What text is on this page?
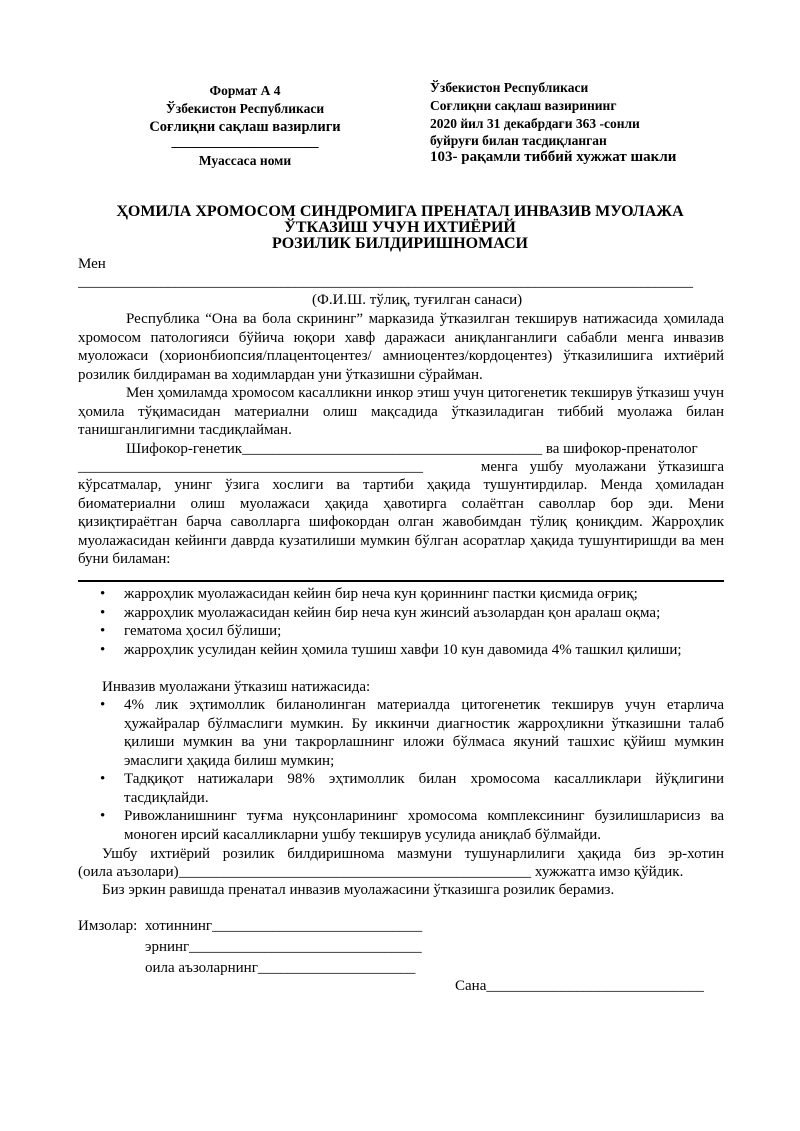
Формат А 4
Ўзбекистон Республикаси
Соғлиқни сақлаш вазирлиги
_____________________
Муассаса номи
Ўзбекистон Республикаси
Соғлиқни сақлаш вазирининг
2020 йил 31 декабрдаги 363 -сонли
буйруғи билан тасдиқланган
103- рақамли тиббий хужжат шакли
ҲОМИЛА ХРОМОСОМ СИНДРОМИГА ПРЕНАТАЛ ИНВАЗИВ МУОЛАЖА
ЎТКАЗИШ УЧУН ИХТИЁРИЙ
РОЗИЛИК БИЛДИРИШНОМАСИ
Мен
__________________________________________________________________________________
(Ф.И.Ш. тўлиқ, туғилган санаси)

Республика “Она ва бола скрининг” марказида ўтказилган текширув натижасида ҳомилада хромосом патологияси бўйича юқори хавф даражаси аниқланганлиги сабабли менга инвазив муоложаси (хорионбиопсия/плацентоцентез/ амниоцентез/кордоцентез) ўтказилишига ихтиёрий розилик билдираман ва ходимлардан уни ўтказишни сўрайман.

Мен ҳомиламда хромосом касалликни инкор этиш учун цитогенетик текширув ўтказиш учун ҳомила тўқимасидан материални олиш мақсадида ўтказиладиган тиббий муолажа билан танишганлигимни тасдиқлайман.

Шифокор-генетик________________________________________ ва шифокор-пренатолог
______________________________________________	менга ушбу муолажани ўтказишга

кўрсатмалар, унинг ўзига хослиги ва тартиби ҳақида тушунтирдилар. Менда ҳомиладан биоматериални олиш муолажаси ҳақида ҳавотирга солаётган саволлар бор эди. Мени қизиқтираётган барча саволларга шифокордан олган жавобимдан тўлиқ қониқдим. Жарроҳлик муолажасидан кейинги даврда кузатилиши мумкин бўлган асоратлар ҳақида тушунтиришди ва мен буни биламан:

• жарроҳлик муолажасидан кейин бир неча кун қориннинг пастки қисмида оғриқ;
• жарроҳлик муолажасидан кейин бир неча кун жинсий аъзолардан қон аралаш оқма;
• гематома ҳосил бўлиши;
• жарроҳлик усулидан кейин ҳомила тушиш хавфи 10 кун давомида 4% ташкил қилиши;
Инвазив муолажани ўтказиш натижасида:
• 4% лик эҳтимоллик биланолинган материалда цитогенетик текширув учун етарлича ҳужайралар бўлмаслиги мумкин. Бу иккинчи диагностик жарроҳликни ўтказишни талаб қилиши мумкин ва уни такрорлашнинг иложи бўлмаса якуний ташхис қўйиш мумкин эмаслиги ҳақида билиш мумкин;
• Тадқиқот натижалари 98% эҳтимоллик билан хромосома касалликлари йўқлигини тасдиқлайди.
• Ривожланишнинг туғма нуқсонларининг хромосома комплексининг бузилишларисиз ва моноген ирсий касалликларни ушбу текширув усулида аниқлаб бўлмайди.
Ушбу ихтиёрий розилик билдиришнома мазмуни тушунарлилиги ҳақида биз эр-хотин
(оила аъзолари)_______________________________________________ хужжатга имзо қўйдик.
Биз эркин равишда пренатал инвазив муолажасини ўтказишга розилик берамиз.
Имзолар: хотиннинг____________________________
эрнинг_______________________________
оила аъзоларнинг_____________________
Сана_____________________________
